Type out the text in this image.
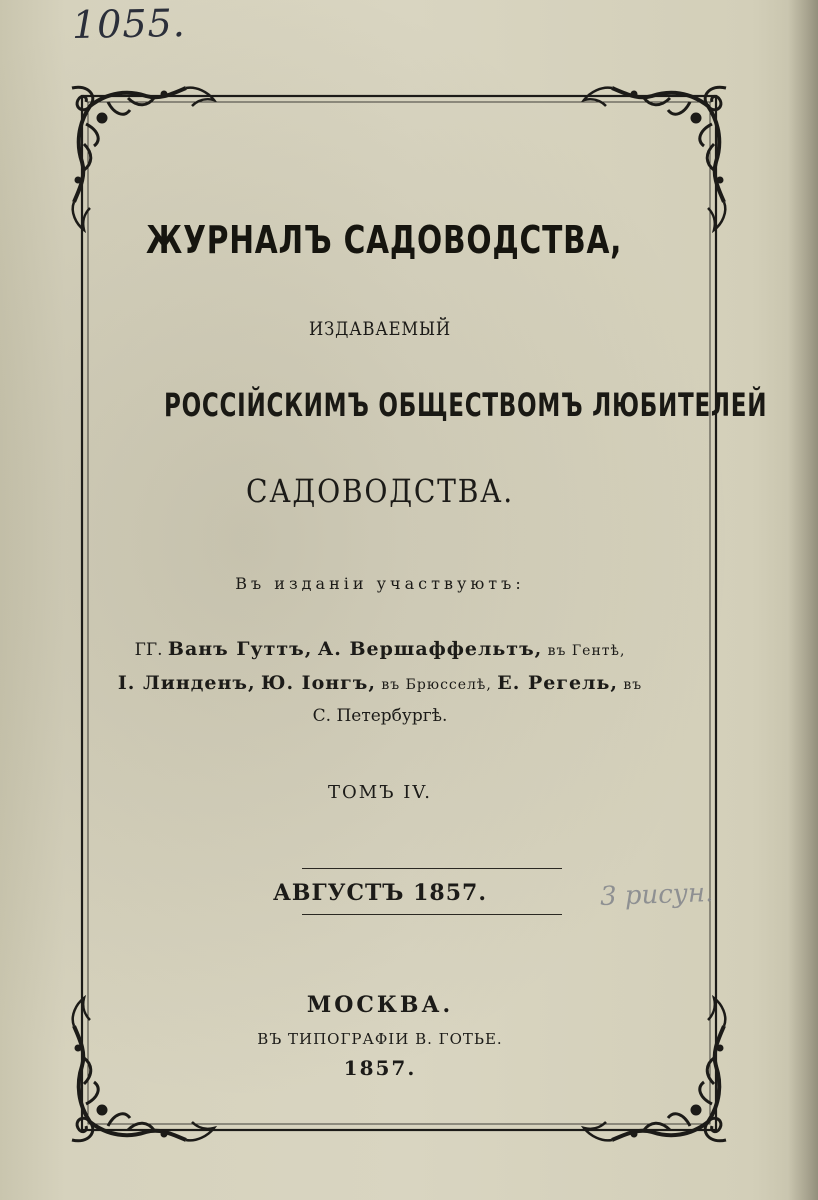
1055.
ЖУРНАЛЪ САДОВОДСТВА,
ИЗДАВАЕМЫЙ
РОССІЙСКИМЪ ОБЩЕСТВОМЪ ЛЮБИТЕЛЕЙ
САДОВОДСТВА.
Въ изданіи участвуютъ:
ГГ. Ванъ Гуттъ, А. Вершаффельтъ, въ Гентѣ,
І. Линденъ, Ю. Іонгъ, въ Брюсселѣ, Е. Регель, въ
С. Петербургѣ.
ТОМЪ IV.
АВГУСТЪ 1857.
МОСКВА.
ВЪ ТИПОГРАФІИ В. ГОТЬЕ.
1857.
3 рисун.
